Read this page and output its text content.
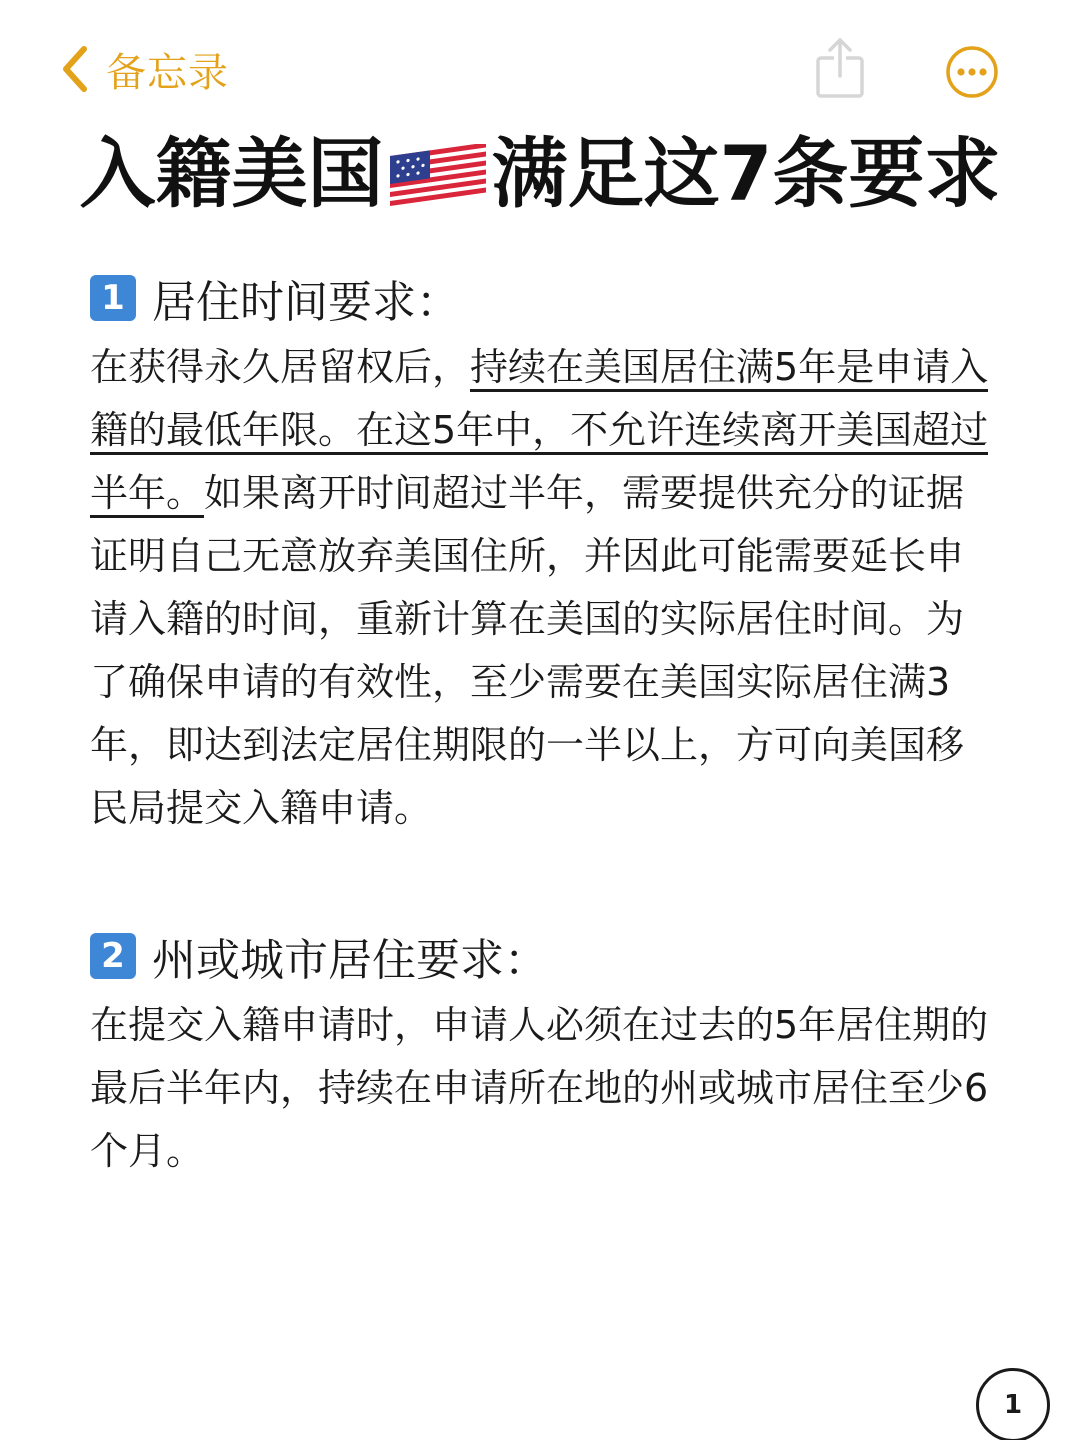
备忘录
入籍美国 满足这7条要求
1 居住时间要求：

在获得永久居留权后，持续在美国居住满5年是申请入籍的最低年限。在这5年中，不允许连续离开美国超过半年。如果离开时间超过半年，需要提供充分的证据证明自己无意放弃美国住所，并因此可能需要延长申请入籍的时间，重新计算在美国的实际居住时间。为了确保申请的有效性，至少需要在美国实际居住满3年，即达到法定居住期限的一半以上，方可向美国移民局提交入籍申请。

2 州或城市居住要求：

在提交入籍申请时，申请人必须在过去的5年居住期的最后半年内，持续在申请所在地的州或城市居住至少6个月。

1
